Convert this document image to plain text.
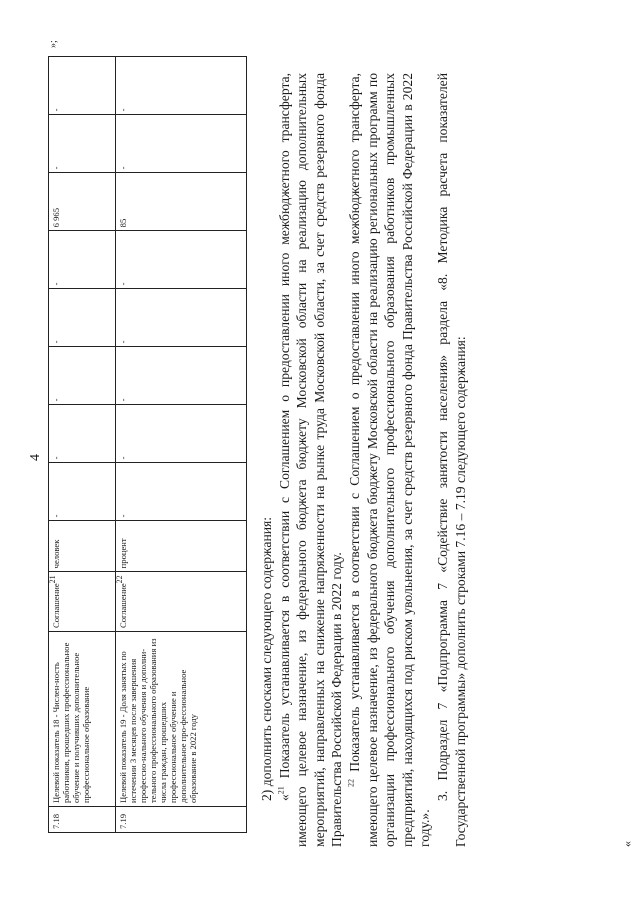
4
7.18	Целевой показатель 18 - Числен-ность работников, прошедших профессиональное обучение и получивших дополнительное профессиональное образование	Соглашение$^{21}$	человек	-	-	-	-	-	6 965	-	-
7.19	Целевой показатель 19 - Доля занятых по истечении 3 месяцев после завершения профессио-нального обучения и дополни-тельного профессионального образования из числа граждан, прошедших профессиональное обучение и дополнительное про-фессиональное образование в 2022 году	Соглашение$^{22}$	процент	-	-	-	-	-	85	-	-
»;

2) дополнить сносками следующего содержания: «$^{21}$ Показатель устанавливается в соответствии с Соглашением о предоставлении иного межбюджетного трансферта, имеющего целевое назначение, из федерального бюджета бюджету Московской области на реализацию дополнительных мероприятий, направленных на снижение напряженности на рынке труда Московской области, за счет средств резервного фонда Правительства Российской Федерации в 2022 году. $^{22}$ Показатель устанавливается в соответствии с Соглашением о предоставлении иного межбюджетного трансферта, имеющего целевое назначение, из федерального бюджета бюджету Московской области на реализацию региональных программ по организации профессионального обучения дополнительного профессионального образования работников промышленных предприятий, находящихся под риском увольнения, за счет средств резервного фонда Правительства Российской Федерации в 2022 году.».

3. Подраздел 7 «Подпрограмма 7 «Содействие занятости населения» раздела «8. Методика расчета показателей Государственной программы» дополнить строками 7.16 – 7.19 следующего содержания:	«
